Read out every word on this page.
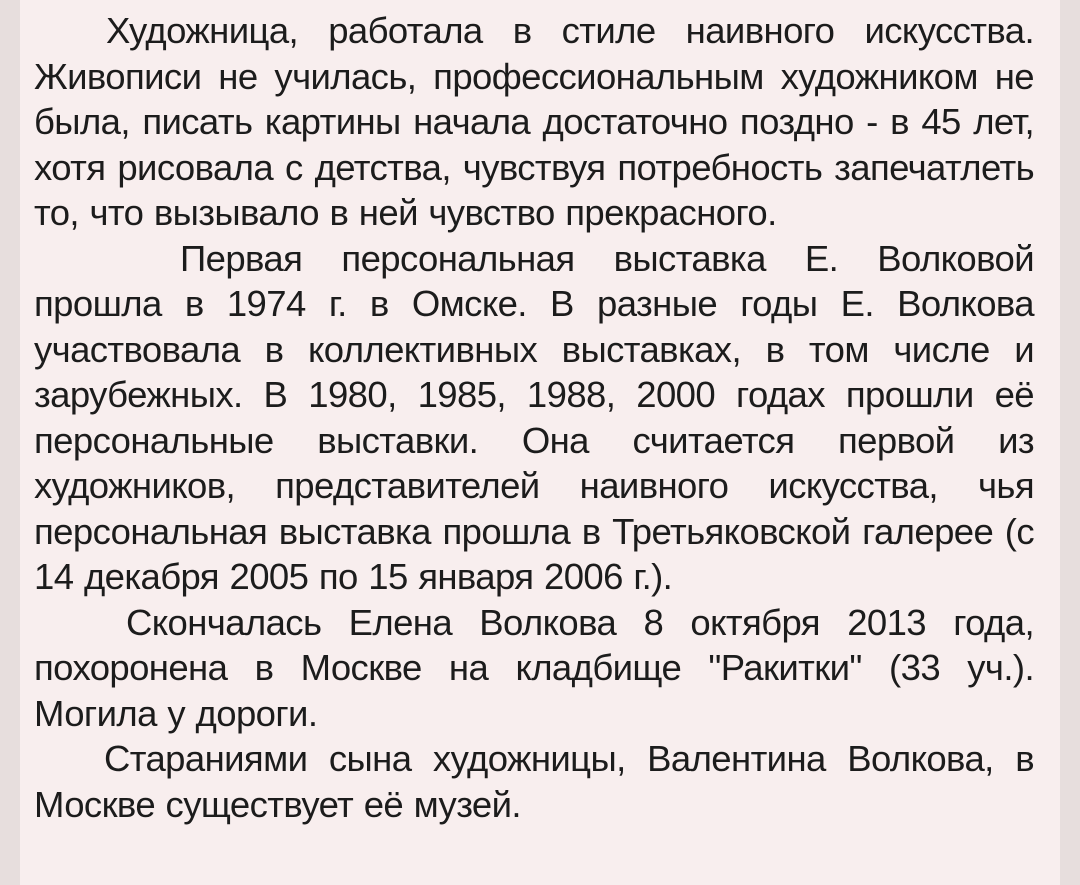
Художница, работала в стиле наивного искусства. Живописи не училась, профессиональным художником не была, писать картины начала достаточно поздно - в 45 лет, хотя рисовала с детства, чувствуя потребность запечатлеть то, что вызывало в ней чувство прекрасного.

Первая персональная выставка Е. Волковой прошла в 1974 г. в Омске. В разные годы Е. Волкова участвовала в коллективных выставках, в том числе и зарубежных. В 1980, 1985, 1988, 2000 годах прошли её персональные выставки. Она считается первой из художников, представителей наивного искусства, чья персональная выставка прошла в Третьяковской галерее (с 14 декабря 2005 по 15 января 2006 г.).

Скончалась Елена Волкова 8 октября 2013 года, похоронена в Москве на кладбище "Ракитки" (33 уч.). Могила у дороги.

Стараниями сына художницы, Валентина Волкова, в Москве существует её музей.
